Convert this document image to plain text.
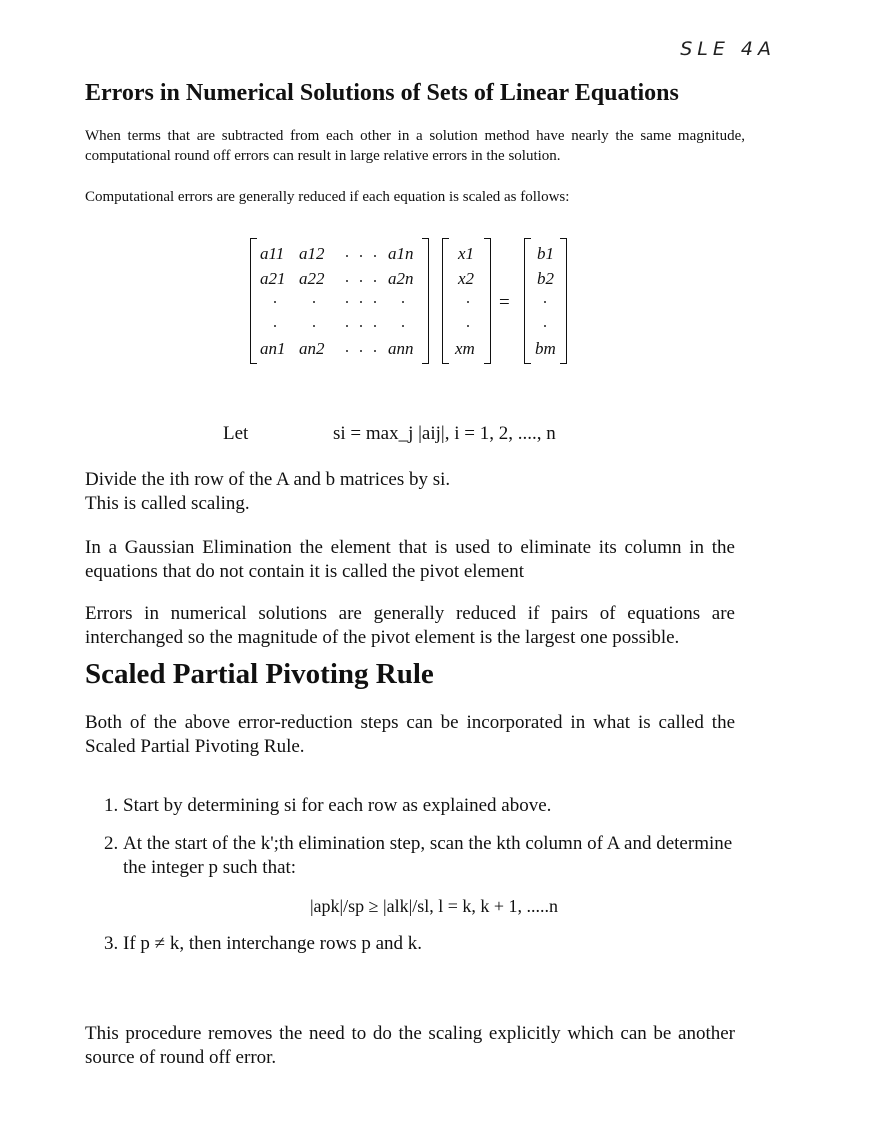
SLE 4A
Errors in Numerical Solutions of Sets of Linear Equations
When terms that are subtracted from each other in a solution method have nearly the same magnitude, computational round off errors can result in large relative errors in the solution.
Computational errors are generally reduced if each equation is scaled as follows:
a11 a12	a1n
a21 a22	a2n
an1 an2	ann
x1
x2
xm
=
b1
b2
bm
Let	si = max_j |aij|, i = 1, 2, ...., n
Divide the ith row of the A and b matrices by si.
This is called scaling.
In a Gaussian Elimination the element that is used to eliminate its column in the equations that do not contain it is called the pivot element
Errors in numerical solutions are generally reduced if pairs of equations are interchanged so the magnitude of the pivot element is the largest one possible.
Scaled Partial Pivoting Rule
Both of the above error-reduction steps can be incorporated in what is called the Scaled Partial Pivoting Rule.
1. Start by determining si for each row as explained above.
2. At the start of the k';th elimination step, scan the kth column of A and determine the integer p such that:
|apk|/sp ≥ |alk|/sl, l = k, k + 1, .....n
3. If p ≠ k, then interchange rows p and k.
This procedure removes the need to do the scaling explicitly which can be another source of round off error.
